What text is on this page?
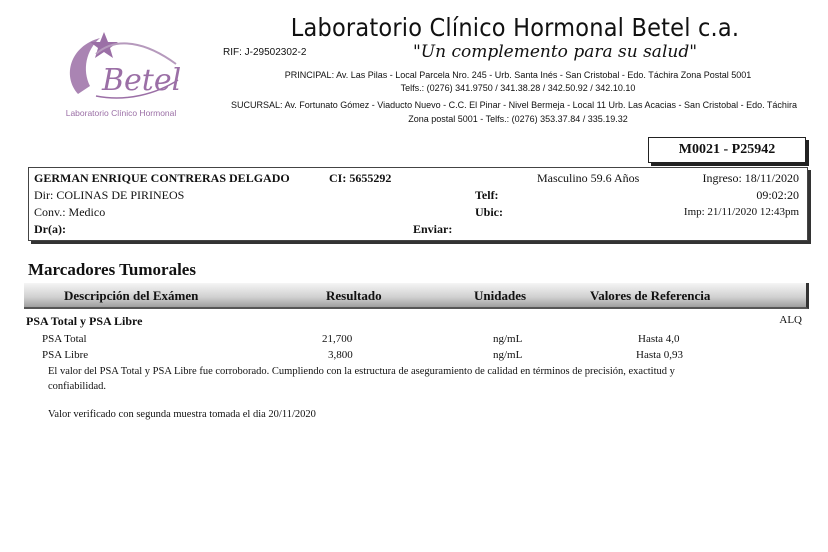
Betel
Laboratorio Clínico Hormonal
Laboratorio Clínico Hormonal Betel c.a.
RIF: J-29502302-2	"Un complemento para su salud"
PRINCIPAL: Av. Las Pilas - Local Parcela Nro. 245 - Urb. Santa Inés - San Cristobal - Edo. Táchira Zona Postal 5001
Telfs.: (0276) 341.9750 / 341.38.28 / 342.50.92 / 342.10.10
SUCURSAL: Av. Fortunato Gómez - Viaducto Nuevo - C.C. El Pinar - Nivel Bermeja - Local 11 Urb. Las Acacias - San Cristobal - Edo. Táchira
Zona postal 5001 - Telfs.: (0276) 353.37.84 / 335.19.32
M0021 - P25942
GERMAN ENRIQUE CONTRERAS DELGADO	CI: 5655292	Masculino 59.6 Años	Ingreso: 18/11/2020
Dir: COLINAS DE PIRINEOS	Telf:	09:02:20
Conv.: Medico	Ubic:	Imp: 21/11/2020 12:43pm
Dr(a):	Enviar:
Marcadores Tumorales
Descripción del Exámen	Resultado	Unidades	Valores de Referencia
PSA Total y PSA Libre	ALQ
PSA Total	21,700	ng/mL	Hasta 4,0
PSA Libre	3,800	ng/mL	Hasta 0,93
El valor del PSA Total y PSA Libre fue corroborado. Cumpliendo con la estructura de aseguramiento de calidad en términos de precisión, exactitud y
confiabilidad.
Valor verificado con segunda muestra tomada el dia 20/11/2020
